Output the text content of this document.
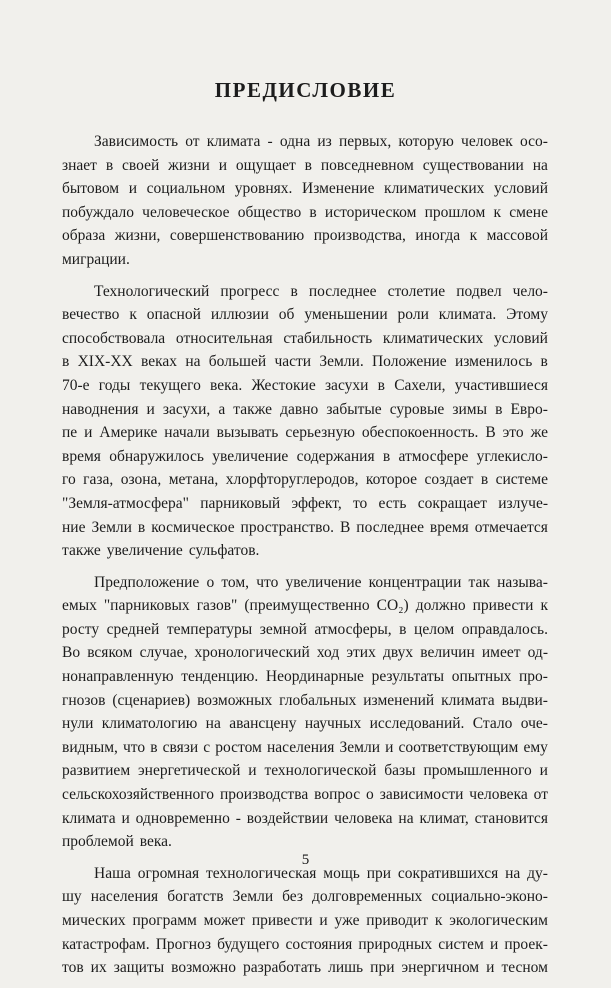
ПРЕДИСЛОВИЕ
Зависимость от климата - одна из первых, которую человек осо-
знает в своей жизни и ощущает в повседневном существовании на
бытовом и социальном уровнях. Изменение климатических условий
побуждало человеческое общество в историческом прошлом к смене
образа жизни, совершенствованию производства, иногда к массовой
миграции.
Технологический прогресс в последнее столетие подвел чело-
вечество к опасной иллюзии об уменьшении роли климата. Этому
способствовала относительная стабильность климатических условий
в XIX-XX веках на большей части Земли. Положение изменилось в
70-е годы текущего века. Жестокие засухи в Сахели, участившиеся
наводнения и засухи, а также давно забытые суровые зимы в Евро-
пе и Америке начали вызывать серьезную обеспокоенность. В это же
время обнаружилось увеличение содержания в атмосфере углекисло-
го газа, озона, метана, хлорфторуглеродов, которое создает в системе
"Земля-атмосфера" парниковый эффект, то есть сокращает излуче-
ние Земли в космическое пространство. В последнее время отмечается
также увеличение сульфатов.
Предположение о том, что увеличение концентрации так называ-
емых "парниковых газов" (преимущественно CO₂) должно привести к
росту средней температуры земной атмосферы, в целом оправдалось.
Во всяком случае, хронологический ход этих двух величин имеет од-
нонаправленную тенденцию. Неординарные результаты опытных про-
гнозов (сценариев) возможных глобальных изменений климата выдви-
нули климатологию на авансцену научных исследований. Стало оче-
видным, что в связи с ростом населения Земли и соответствующим ему
развитием энергетической и технологической базы промышленного и
сельскохозяйственного производства вопрос о зависимости человека от
климата и одновременно - воздействии человека на климат, становится
проблемой века.
Наша огромная технологическая мощь при сократившихся на ду-
шу населения богатств Земли без долговременных социально-эконо-
мических программ может привести и уже приводит к экологическим
катастрофам. Прогноз будущего состояния природных систем и проек-
тов их защиты возможно разработать лишь при энергичном и тесном
5
